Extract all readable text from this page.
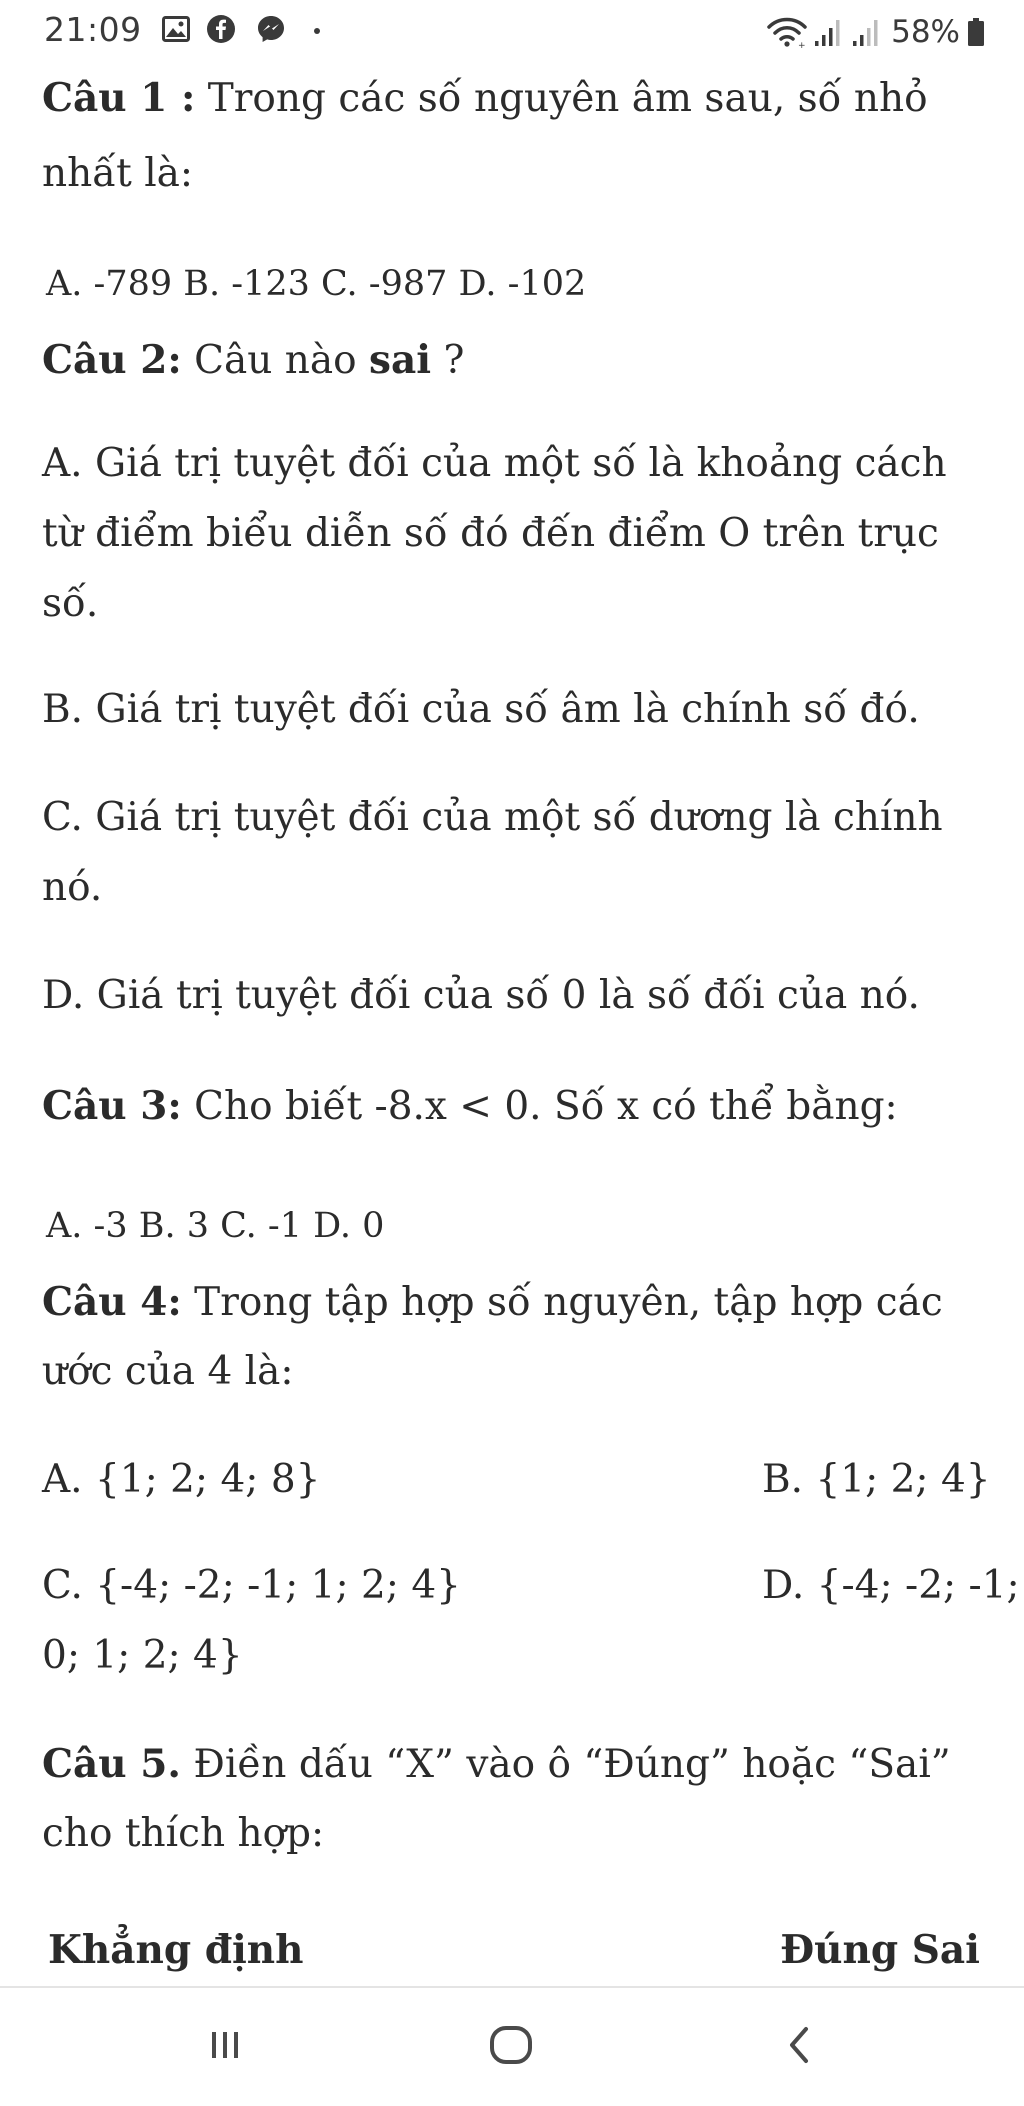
21:09	+	58%
Câu 1 : Trong các số nguyên âm sau, số nhỏ
nhất là:
A. -789 B. -123 C. -987 D. -102
Câu 2: Câu nào sai ?
A. Giá trị tuyệt đối của một số là khoảng cách
từ điểm biểu diễn số đó đến điểm O trên trục
số.
B. Giá trị tuyệt đối của số âm là chính số đó.
C. Giá trị tuyệt đối của một số dương là chính
nó.
D. Giá trị tuyệt đối của số 0 là số đối của nó.
Câu 3: Cho biết -8.x < 0. Số x có thể bằng:
A. -3 B. 3 C. -1 D. 0
Câu 4: Trong tập hợp số nguyên, tập hợp các
ước của 4 là:
A. {1; 2; 4; 8}	B. {1; 2; 4}
C. {-4; -2; -1; 1; 2; 4}	D. {-4; -2; -1;
0; 1; 2; 4}
Câu 5. Điền dấu “X” vào ô “Đúng” hoặc “Sai”
cho thích hợp:
Khẳng định	Đúng Sai
